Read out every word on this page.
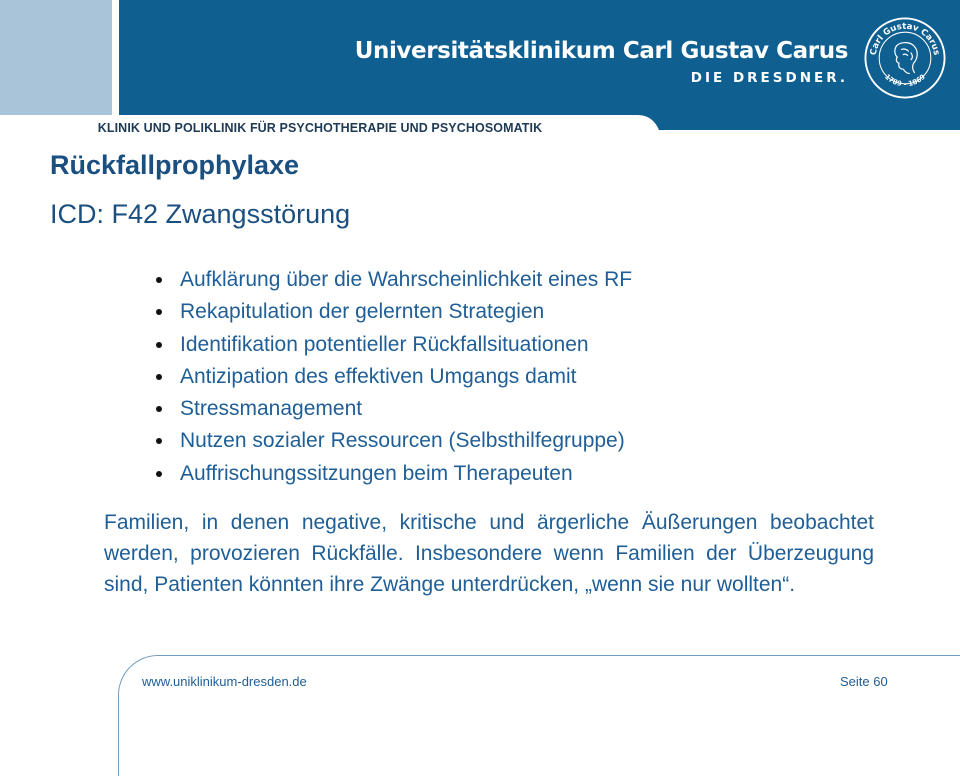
KLINIK UND POLIKLINIK FÜR PSYCHOTHERAPIE UND PSYCHOSOMATIK
Universitätsklinikum Carl Gustav Carus
DIE DRESDNER.
Carl Gustav Carus
1789 - 1869
Rückfallprophylaxe
ICD: F42 Zwangsstörung
Aufklärung über die Wahrscheinlichkeit eines RF
Rekapitulation der gelernten Strategien
Identifikation potentieller Rückfallsituationen
Antizipation des effektiven Umgangs damit
Stressmanagement
Nutzen sozialer Ressourcen (Selbsthilfegruppe)
Auffrischungssitzungen beim Therapeuten

Familien, in denen negative, kritische und ärgerliche Äußerungen beobachtet werden, provozieren Rückfälle. Insbesondere wenn Familien der Überzeugung sind, Patienten könnten ihre Zwänge unterdrücken, „wenn sie nur wollten“.

www.uniklinikum-dresden.de	Seite 60
